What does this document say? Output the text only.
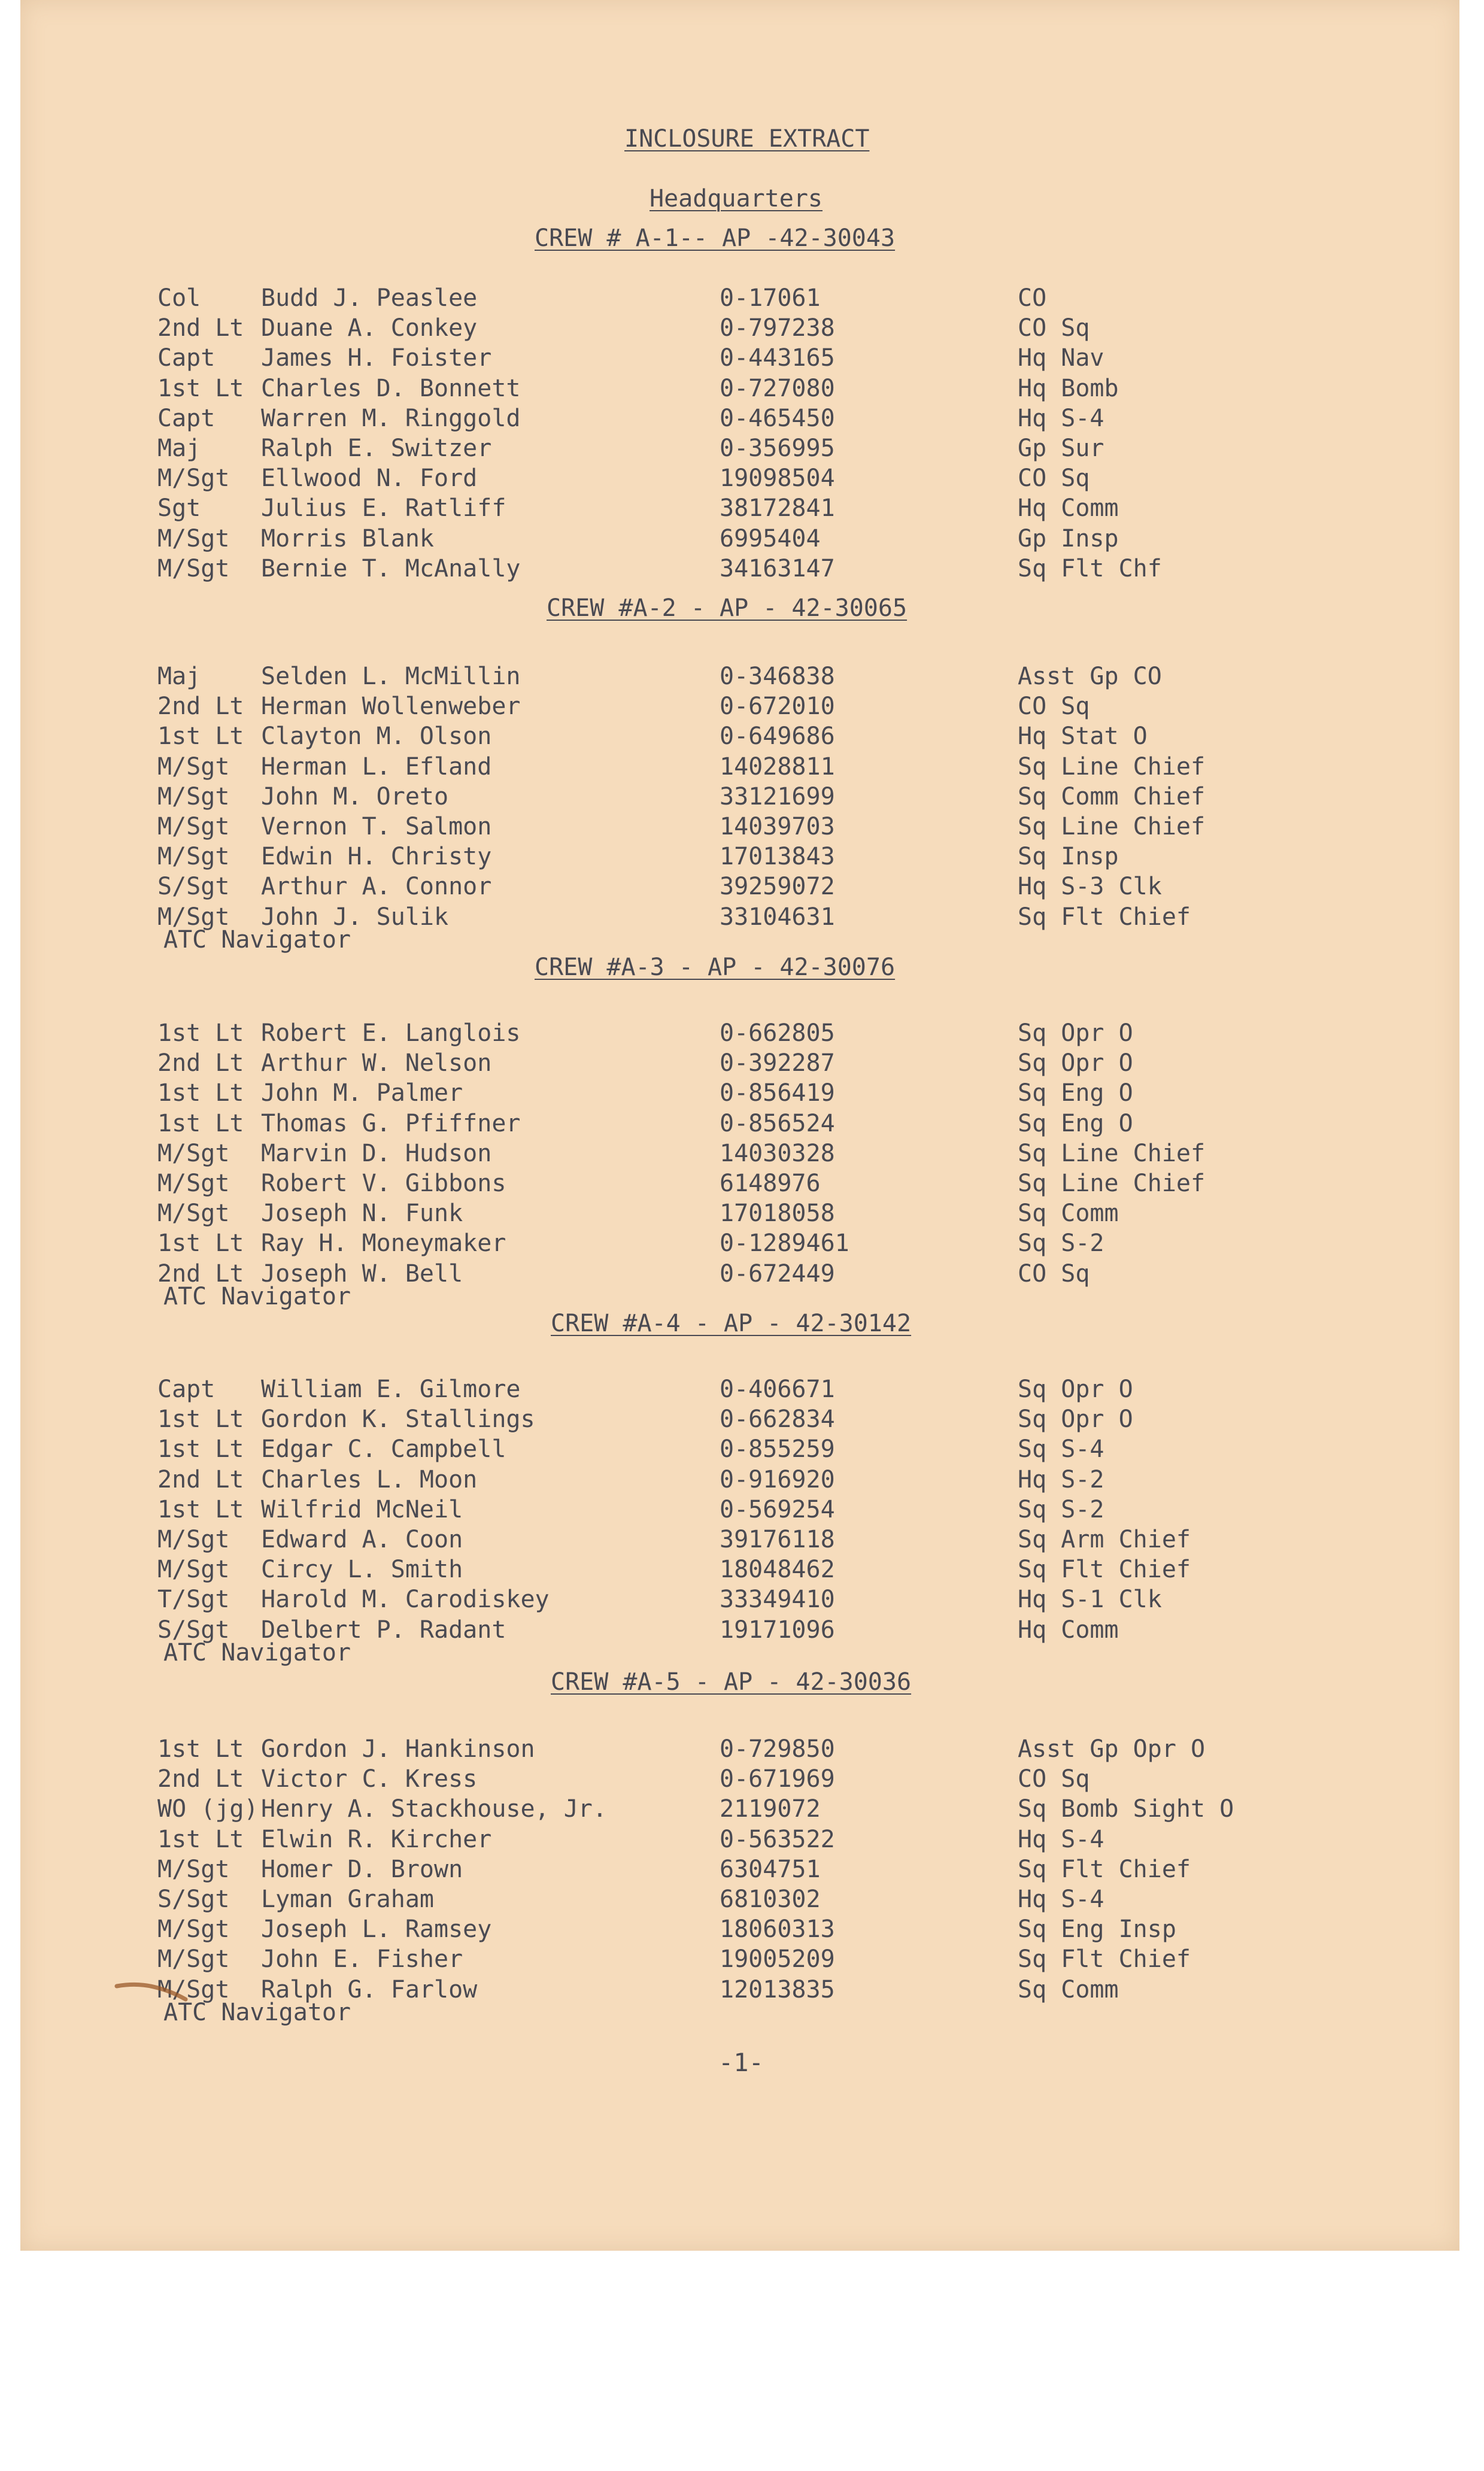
INCLOSURE EXTRACT
Headquarters
CREW # A-1-- AP -42-30043
Col	Budd J. Peaslee	0-17061	CO
2nd Lt Duane A. Conkey	0-797238	CO Sq
Capt James H. Foister	0-443165	Hq Nav
1st Lt Charles D. Bonnett	0-727080	Hq Bomb
Capt Warren M. Ringgold	0-465450	Hq S-4
Maj	Ralph E. Switzer	0-356995	Gp Sur
M/Sgt Ellwood N. Ford	19098504	CO Sq
Sgt	Julius E. Ratliff	38172841	Hq Comm
M/Sgt Morris Blank	6995404	Gp Insp
M/Sgt Bernie T. McAnally	34163147	Sq Flt Chf
CREW #A-2 - AP - 42-30065
Maj	Selden L. McMillin	0-346838	Asst Gp CO
2nd Lt Herman Wollenweber	0-672010	CO Sq
1st Lt Clayton M. Olson	0-649686	Hq Stat O
M/Sgt Herman L. Efland	14028811	Sq Line Chief
M/Sgt John M. Oreto	33121699	Sq Comm Chief
M/Sgt Vernon T. Salmon	14039703	Sq Line Chief
M/Sgt Edwin H. Christy	17013843	Sq Insp
S/Sgt Arthur A. Connor	39259072	Hq S-3 Clk
M/Sgt John J. Sulik	33104631	Sq Flt Chief
ATC Navigator
CREW #A-3 - AP - 42-30076
1st Lt Robert E. Langlois	0-662805	Sq Opr O
2nd Lt Arthur W. Nelson	0-392287	Sq Opr O
1st Lt John M. Palmer	0-856419	Sq Eng O
1st Lt Thomas G. Pfiffner	0-856524	Sq Eng O
M/Sgt Marvin D. Hudson	14030328	Sq Line Chief
M/Sgt Robert V. Gibbons	6148976	Sq Line Chief
M/Sgt Joseph N. Funk	17018058	Sq Comm
1st Lt Ray H. Moneymaker	0-1289461	Sq S-2
2nd Lt Joseph W. Bell	0-672449	CO Sq
ATC Navigator
CREW #A-4 - AP - 42-30142
Capt William E. Gilmore	0-406671	Sq Opr O
1st Lt Gordon K. Stallings	0-662834	Sq Opr O
1st Lt Edgar C. Campbell	0-855259	Sq S-4
2nd Lt Charles L. Moon	0-916920	Hq S-2
1st Lt Wilfrid McNeil	0-569254	Sq S-2
M/Sgt Edward A. Coon	39176118	Sq Arm Chief
M/Sgt Circy L. Smith	18048462	Sq Flt Chief
T/Sgt Harold M. Carodiskey	33349410	Hq S-1 Clk
S/Sgt Delbert P. Radant	19171096	Hq Comm
ATC Navigator
CREW #A-5 - AP - 42-30036
1st Lt Gordon J. Hankinson	0-729850	Asst Gp Opr O
2nd Lt Victor C. Kress	0-671969	CO Sq
WO (jg) Henry A. Stackhouse, Jr.	2119072	Sq Bomb Sight O
1st Lt Elwin R. Kircher	0-563522	Hq S-4
M/Sgt Homer D. Brown	6304751	Sq Flt Chief
S/Sgt Lyman Graham	6810302	Hq S-4
M/Sgt Joseph L. Ramsey	18060313	Sq Eng Insp
M/Sgt John E. Fisher	19005209	Sq Flt Chief
M/Sgt Ralph G. Farlow	12013835	Sq Comm
ATC Navigator
-1-
